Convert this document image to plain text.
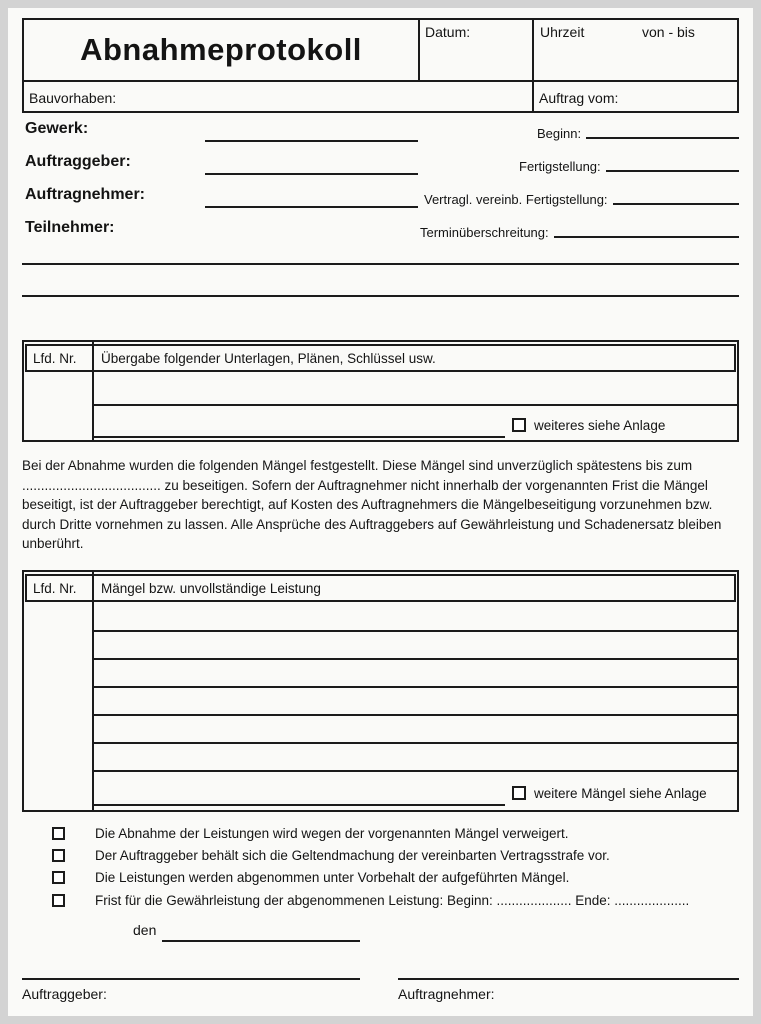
Abnahmeprotokoll	Datum:	Uhrzeit	von - bis
Bauvorhaben:	Auftrag vom:
Gewerk:	Beginn:
Auftraggeber:	Fertigstellung:
Auftragnehmer:	Vertragl. vereinb. Fertigstellung:
Teilnehmer:	Terminüberschreitung:
Lfd. Nr. Übergabe folgender Unterlagen, Plänen, Schlüssel usw.
weiteres siehe Anlage

Bei der Abnahme wurden die folgenden Mängel festgestellt. Diese Mängel sind unverzüglich spätestens bis zum ..................................... zu beseitigen. Sofern der Auftragnehmer nicht innerhalb der vorgenannten Frist die Mängel beseitigt, ist der Auftraggeber berechtigt, auf Kosten des Auftragnehmers die Mängelbeseitigung vorzunehmen bzw. durch Dritte vornehmen zu lassen. Alle Ansprüche des Auftraggebers auf Gewährleistung und Schadenersatz bleiben unberührt.

Lfd. Nr. Mängel bzw. unvollständige Leistung
weitere Mängel siehe Anlage
Die Abnahme der Leistungen wird wegen der vorgenannten Mängel verweigert.
Der Auftraggeber behält sich die Geltendmachung der vereinbarten Vertragsstrafe vor.
Die Leistungen werden abgenommen unter Vorbehalt der aufgeführten Mängel.
Frist für die Gewährleistung der abgenommenen Leistung: Beginn: .................... Ende: ....................
den
Auftraggeber:	Auftragnehmer:
